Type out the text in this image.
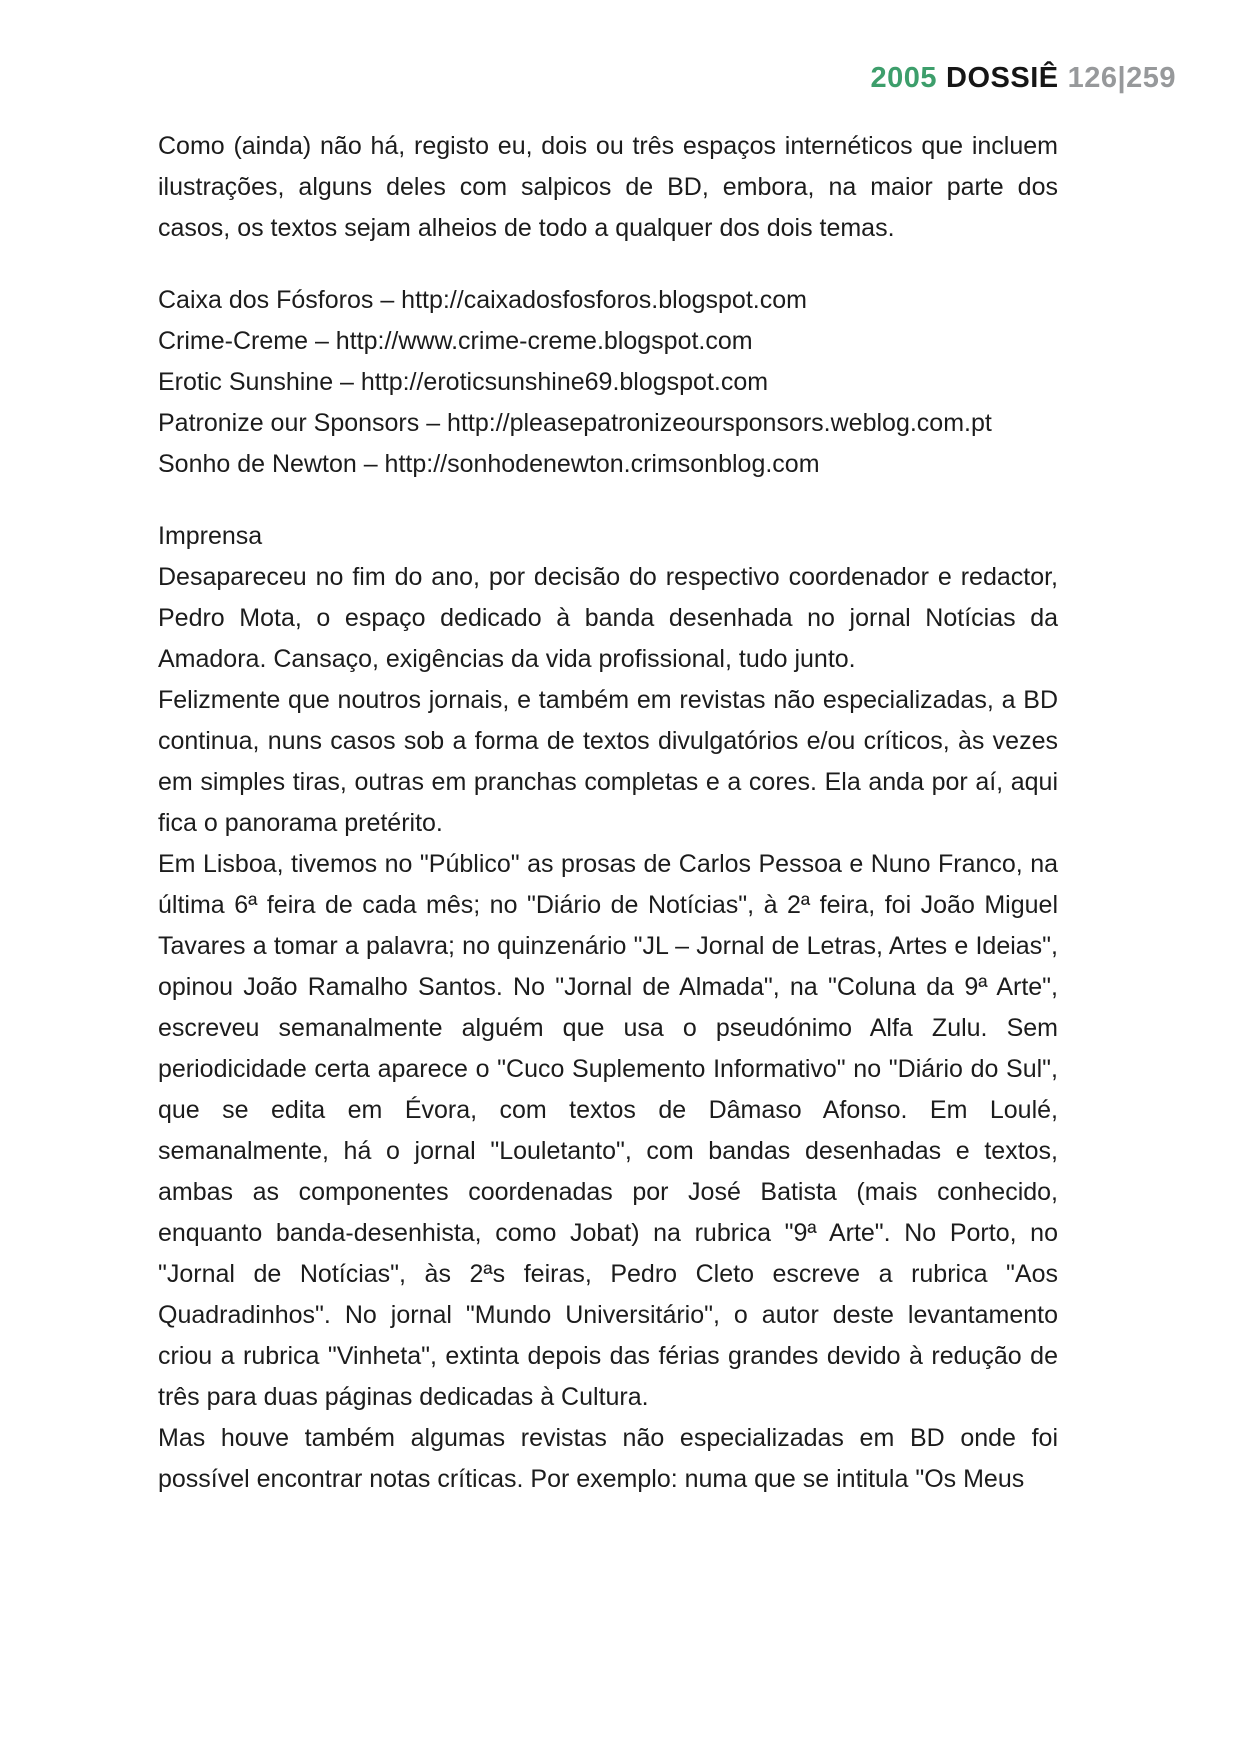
2005 DOSSIÊ 126|259

Como (ainda) não há, registo eu, dois ou três espaços internéticos que incluem ilustrações, alguns deles com salpicos de BD, embora, na maior parte dos casos, os textos sejam alheios de todo a qualquer dos dois temas.

Caixa dos Fósforos – http://caixadosfosforos.blogspot.com

Crime-Creme – http://www.crime-creme.blogspot.com

Erotic Sunshine – http://eroticsunshine69.blogspot.com

Patronize our Sponsors – http://pleasepatronizeoursponsors.weblog.com.pt

Sonho de Newton – http://sonhodenewton.crimsonblog.com

Imprensa

Desapareceu no fim do ano, por decisão do respectivo coordenador e redactor, Pedro Mota, o espaço dedicado à banda desenhada no jornal Notícias da Amadora. Cansaço, exigências da vida profissional, tudo junto.

Felizmente que noutros jornais, e também em revistas não especializadas, a BD continua, nuns casos sob a forma de textos divulgatórios e/ou críticos, às vezes em simples tiras, outras em pranchas completas e a cores. Ela anda por aí, aqui fica o panorama pretérito.

Em Lisboa, tivemos no "Público" as prosas de Carlos Pessoa e Nuno Franco, na última 6ª feira de cada mês; no "Diário de Notícias", à 2ª feira, foi João Miguel Tavares a tomar a palavra; no quinzenário "JL – Jornal de Letras, Artes e Ideias", opinou João Ramalho Santos. No "Jornal de Almada", na "Coluna da 9ª Arte", escreveu semanalmente alguém que usa o pseudónimo Alfa Zulu. Sem periodicidade certa aparece o "Cuco Suplemento Informativo" no "Diário do Sul", que se edita em Évora, com textos de Dâmaso Afonso. Em Loulé, semanalmente, há o jornal "Louletanto", com bandas desenhadas e textos, ambas as componentes coordenadas por José Batista (mais conhecido, enquanto banda-desenhista, como Jobat) na rubrica "9ª Arte". No Porto, no "Jornal de Notícias", às 2ªs feiras, Pedro Cleto escreve a rubrica "Aos Quadradinhos". No jornal "Mundo Universitário", o autor deste levantamento criou a rubrica "Vinheta", extinta depois das férias grandes devido à redução de três para duas páginas dedicadas à Cultura.

Mas houve também algumas revistas não especializadas em BD onde foi possível encontrar notas críticas. Por exemplo: numa que se intitula "Os Meus
